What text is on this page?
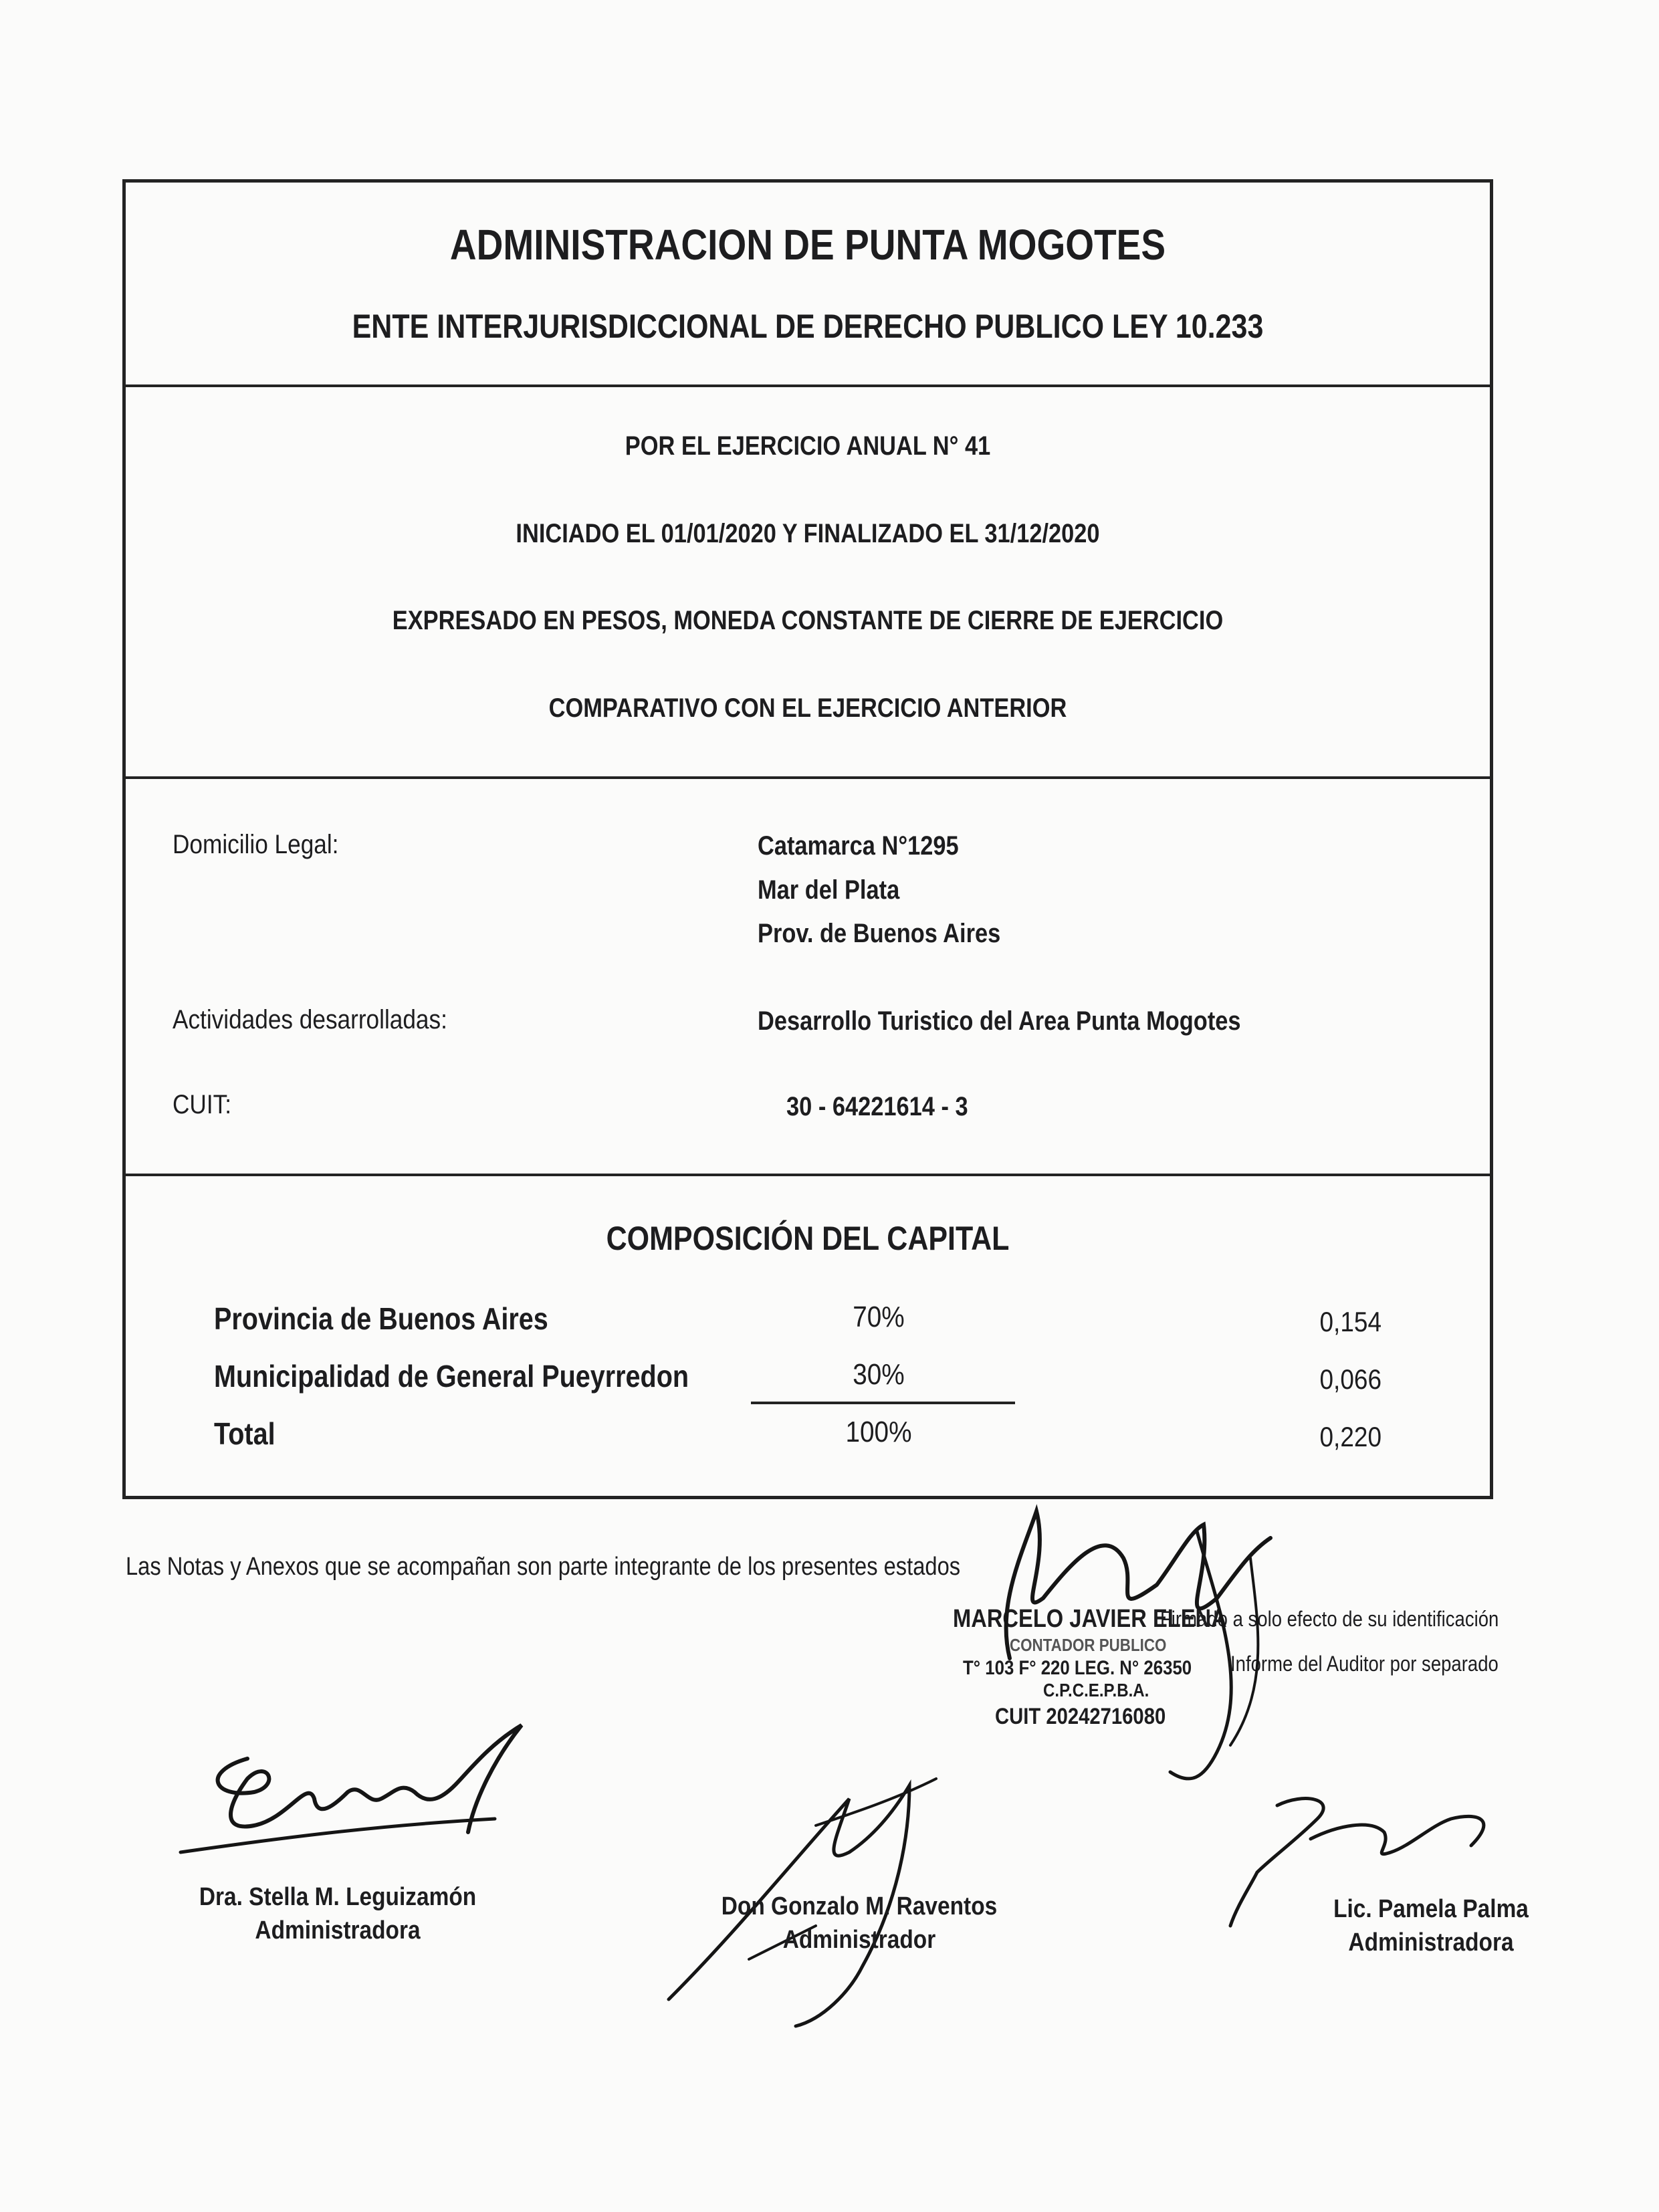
ADMINISTRACION DE PUNTA MOGOTES
ENTE INTERJURISDICCIONAL DE DERECHO PUBLICO LEY 10.233
POR EL EJERCICIO ANUAL N° 41
INICIADO EL 01/01/2020 Y FINALIZADO EL 31/12/2020
EXPRESADO EN PESOS, MONEDA CONSTANTE DE CIERRE DE EJERCICIO
COMPARATIVO CON EL EJERCICIO ANTERIOR
Domicilio Legal:	Catamarca N°1295
Mar del Plata
Prov. de Buenos Aires
Actividades desarrolladas:	Desarrollo Turistico del Area Punta Mogotes
CUIT:	30 - 64221614 - 3
COMPOSICIÓN DEL CAPITAL
Provincia de Buenos Aires	70%	0,154
Municipalidad de General Pueyrredon	30%	0,066
Total	100%	0,220
Las Notas y Anexos que se acompañan son parte integrante de los presentes estados
Firmado a solo efecto de su identificación
Informe del Auditor por separado
MARCELO JAVIER ELENA
CONTADOR PUBLICO
T° 103 F° 220 LEG. N° 26350
C.P.C.E.P.B.A.
CUIT 20242716080
Dra. Stella M. Leguizamón
Administradora
Don Gonzalo M. Raventos
Administrador
Lic. Pamela Palma
Administradora
